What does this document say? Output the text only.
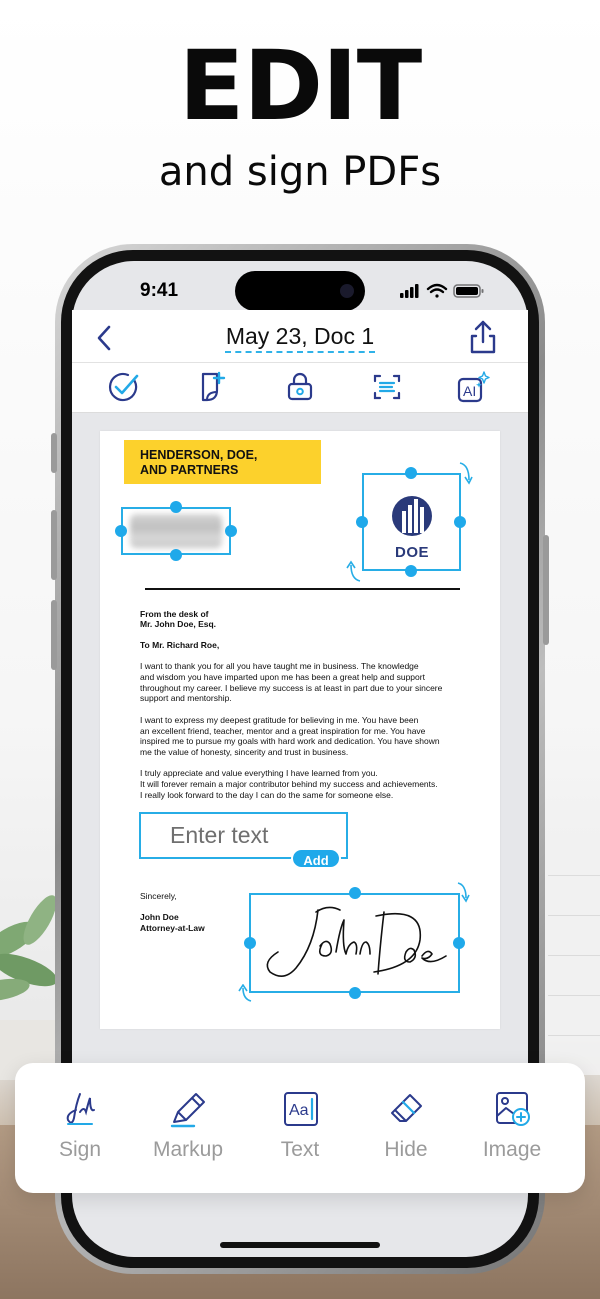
EDIT
and sign PDFs
9:41
May 23, Doc 1
AI
HENDERSON, DOE,
AND PARTNERS
DOE
From the desk of
Mr. John Doe, Esq.
To Mr. Richard Roe,
I want to thank you for all you have taught me in business. The knowledge
and wisdom you have imparted upon me has been a great help and support
throughout my career. I believe my success is at least in part due to your sincere
support and mentorship.
I want to express my deepest gratitude for believing in me. You have been
an excellent friend, teacher, mentor and a great inspiration for me. You have
inspired me to pursue my goals with hard work and dedication. You have shown
me the value of honesty, sincerity and trust in business.
I truly appreciate and value everything I have learned from you.
It will forever remain a major contributor behind my success and achievements.
I really look forward to the day I can do the same for someone else.
Enter text
Add
Sincerely,
John Doe
Attorney-at-Law
Sign	Markup
Aa
Text	Hide	Image
